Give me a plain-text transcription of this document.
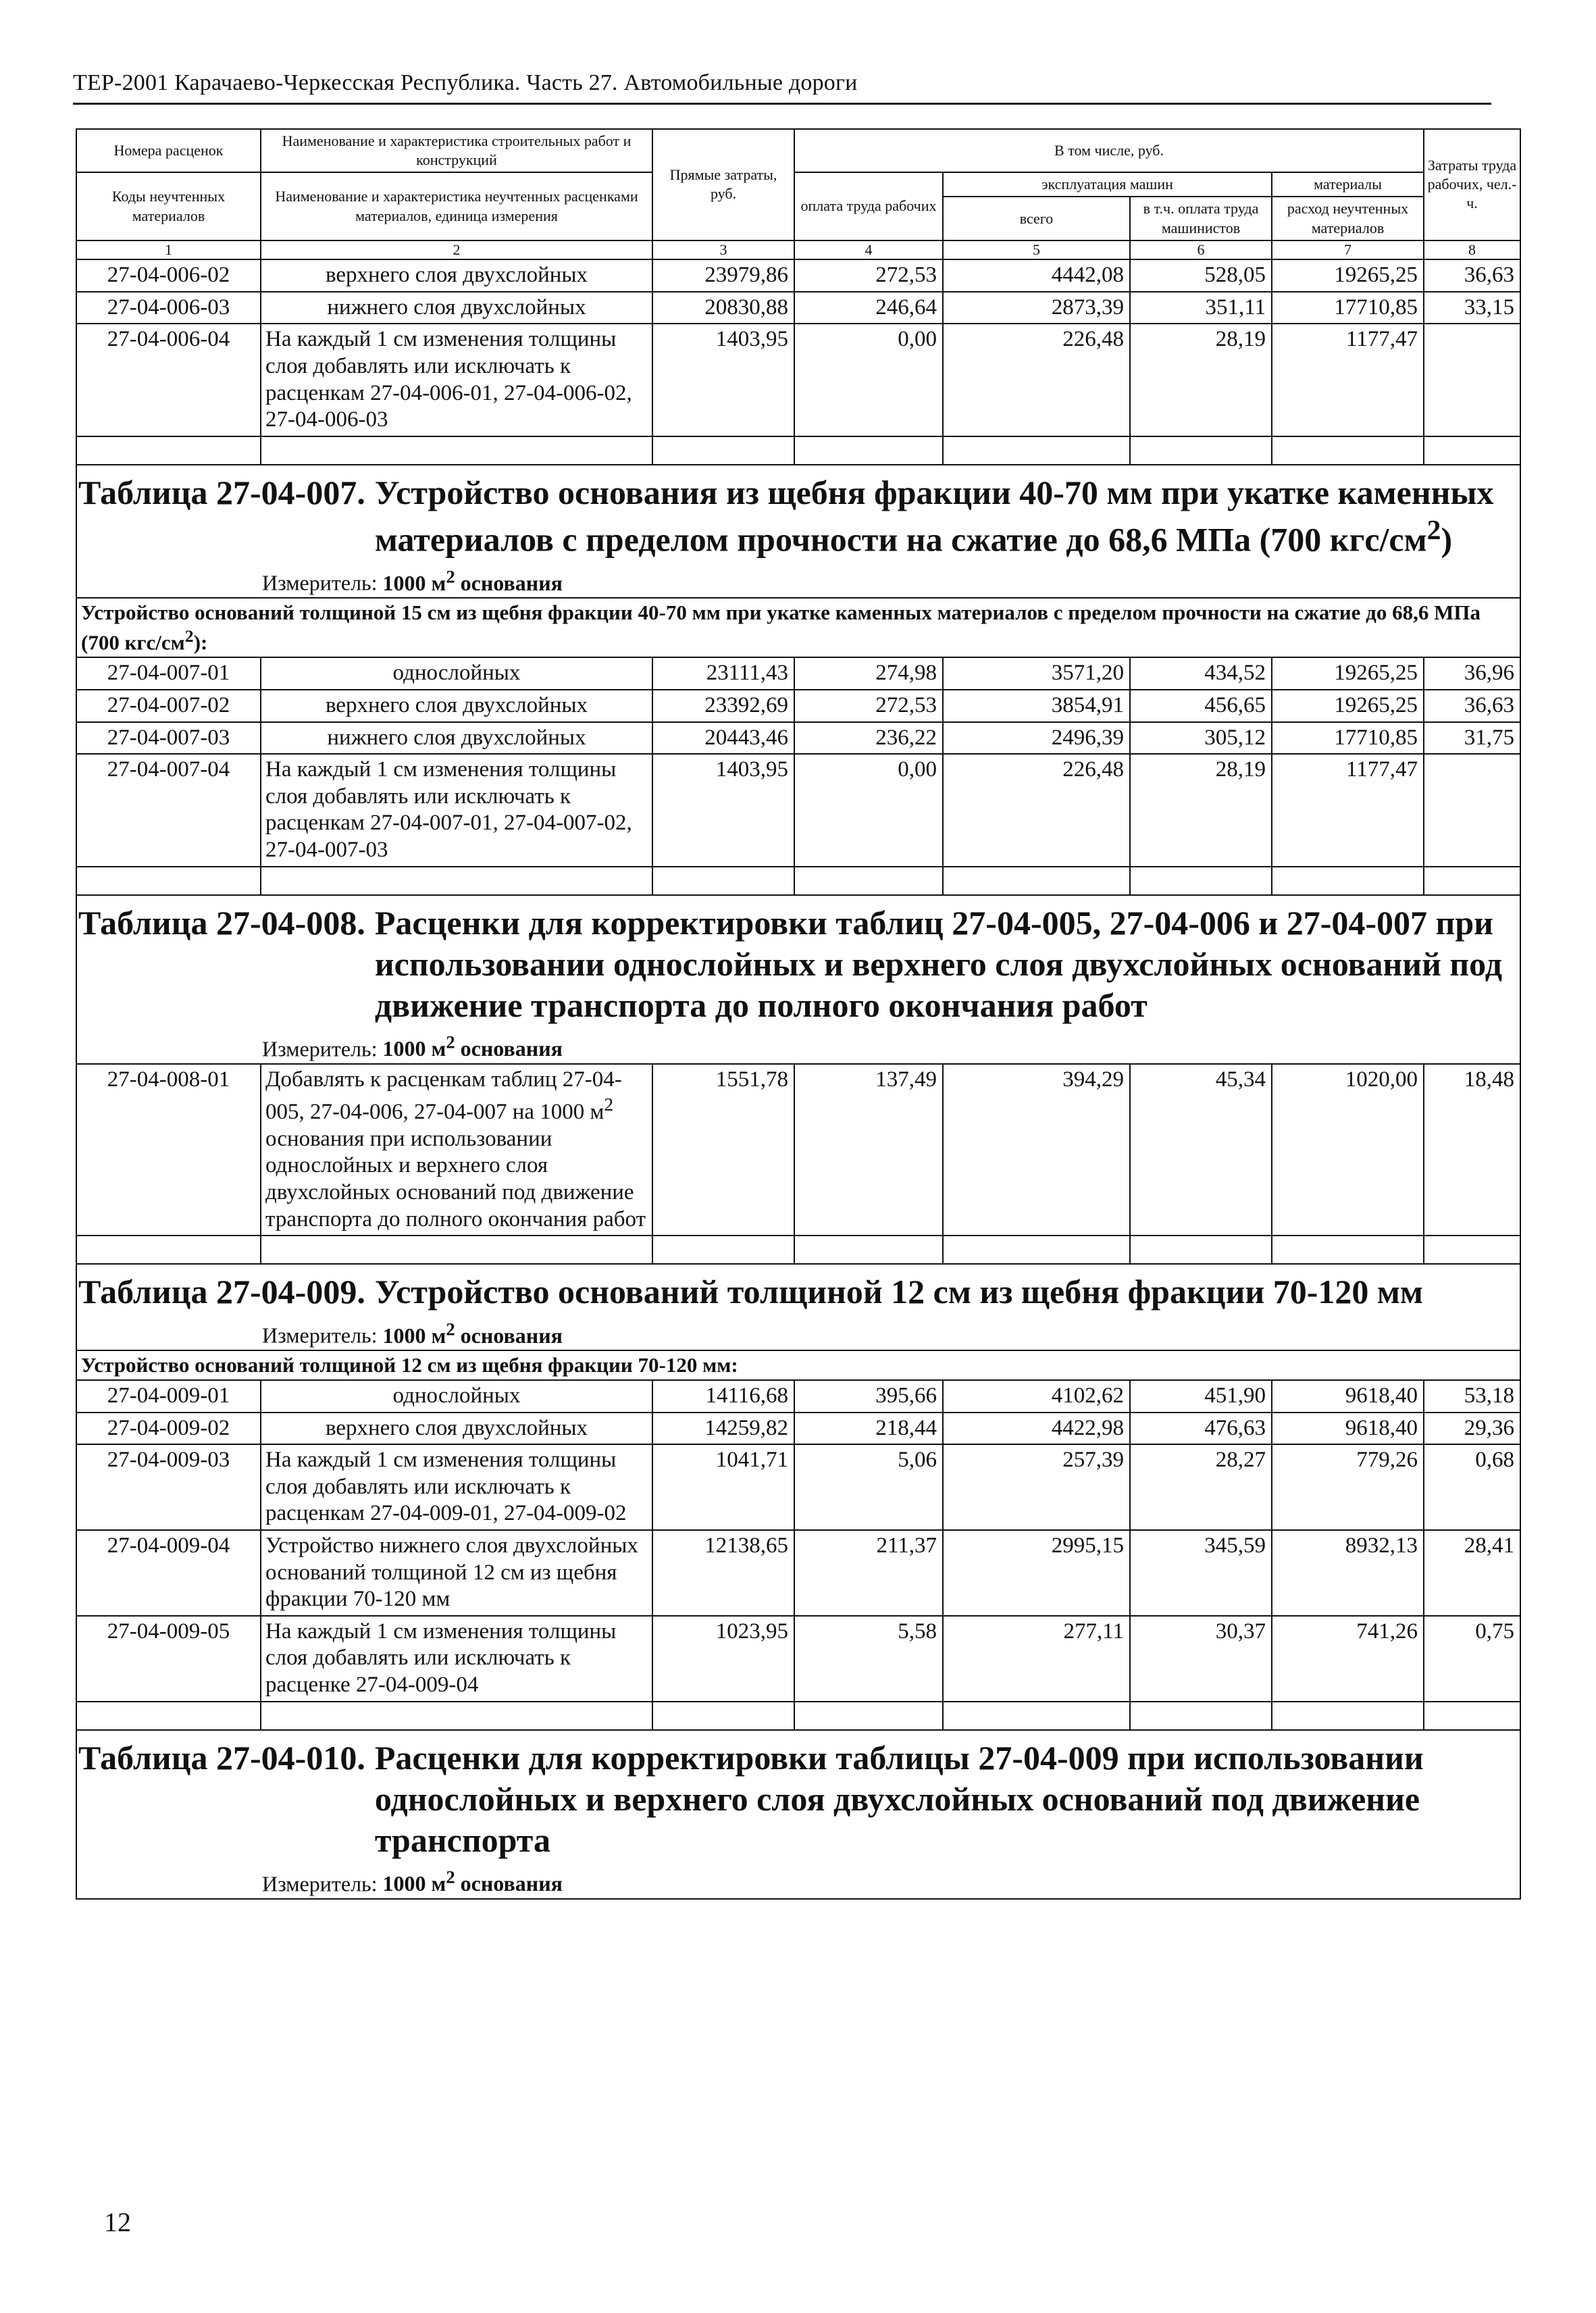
ТЕР-2001 Карачаево-Черкесская Республика. Часть 27. Автомобильные дороги
Номера расценок	Наименование и характеристика строительных работ и конструкций	Прямые затраты, руб.	В том числе, руб.				Затраты труда рабочих, чел.-ч.
Коды неучтенных материалов	Наименование и характеристика неучтенных расценками материалов, единица измерения		оплата труда рабочих	эксплуатация машин		материалы	
				всего	в т.ч. оплата труда машинистов	расход неучтенных материалов	
1	2	3	4	5	6	7	8
27-04-006-02	верхнего слоя двухслойных	23979,86	272,53	4442,08	528,05	19265,25	36,63
27-04-006-03	нижнего слоя двухслойных	20830,88	246,64	2873,39	351,11	17710,85	33,15
27-04-006-04	На каждый 1 см изменения толщины слоя добавлять или исключать к расценкам 27-04-006-01, 27-04-006-02, 27-04-006-03	1403,95	0,00	226,48	28,19	1177,47	

Таблица 27-04-007. Устройство основания из щебня фракции 40-70 мм при укатке каменных материалов с пределом прочности на сжатие до 68,6 МПа (700 кгс/$см^2$)							

Измеритель: 1000 $м^2$ основания							
Устройство оснований толщиной 15 см из щебня фракции 40-70 мм при укатке каменных материалов с пределом прочности на сжатие до 68,6 МПа (700 кгс/$см^2$):							
27-04-007-01	однослойных	23111,43	274,98	3571,20	434,52	19265,25	36,96
27-04-007-02	верхнего слоя двухслойных	23392,69	272,53	3854,91	456,65	19265,25	36,63
27-04-007-03	нижнего слоя двухслойных	20443,46	236,22	2496,39	305,12	17710,85	31,75
27-04-007-04	На каждый 1 см изменения толщины слоя добавлять или исключать к расценкам 27-04-007-01, 27-04-007-02, 27-04-007-03	1403,95	0,00	226,48	28,19	1177,47	

Таблица 27-04-008. Расценки для корректировки таблиц 27-04-005, 27-04-006 и 27-04-007 при использовании однослойных и верхнего слоя двухслойных оснований под движение транспорта до полного окончания работ							

Измеритель: 1000 $м^2$ основания							
27-04-008-01	Добавлять к расценкам таблиц 27-04-005, 27-04-006, 27-04-007 на 1000 $м^2$ основания при использовании однослойных и верхнего слоя двухслойных оснований под движение транспорта до полного окончания работ	1551,78	137,49	394,29	45,34	1020,00	18,48

Таблица 27-04-009. Устройство оснований толщиной 12 см из щебня фракции 70-120 мм							

Измеритель: 1000 $м^2$ основания							
Устройство оснований толщиной 12 см из щебня фракции 70-120 мм:							
27-04-009-01	однослойных	14116,68	395,66	4102,62	451,90	9618,40	53,18
27-04-009-02	верхнего слоя двухслойных	14259,82	218,44	4422,98	476,63	9618,40	29,36
27-04-009-03	На каждый 1 см изменения толщины слоя добавлять или исключать к расценкам 27-04-009-01, 27-04-009-02	1041,71	5,06	257,39	28,27	779,26	0,68
27-04-009-04	Устройство нижнего слоя двухслойных оснований толщиной 12 см из щебня фракции 70-120 мм	12138,65	211,37	2995,15	345,59	8932,13	28,41
27-04-009-05	На каждый 1 см изменения толщины слоя добавлять или исключать к расценке 27-04-009-04	1023,95	5,58	277,11	30,37	741,26	0,75

Таблица 27-04-010. Расценки для корректировки таблицы 27-04-009 при использовании однослойных и верхнего слоя двухслойных оснований под движение транспорта							

Измеритель: 1000 $м^2$ основания							
12
